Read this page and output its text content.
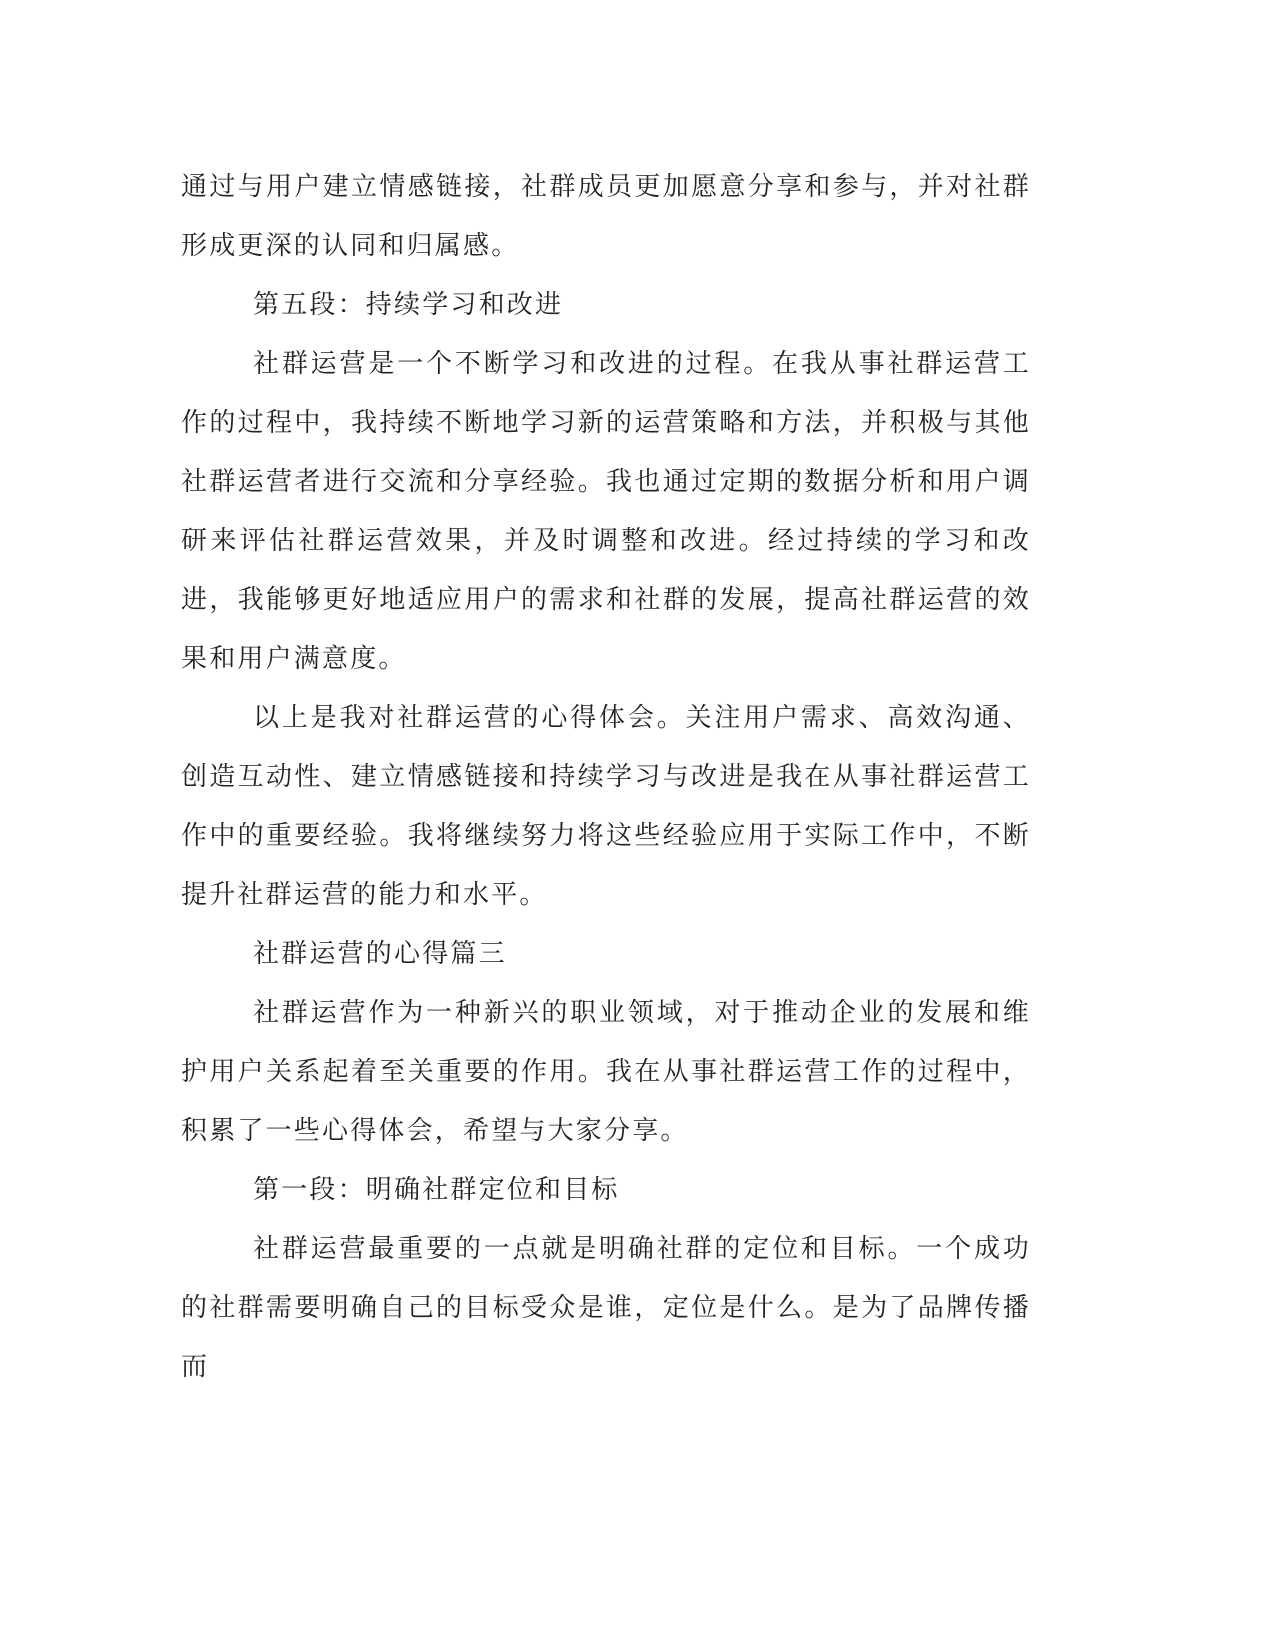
通过与用户建立情感链接，社群成员更加愿意分享和参与，并对社群形成更深的认同和归属感。

第五段：持续学习和改进

社群运营是一个不断学习和改进的过程。在我从事社群运营工作的过程中，我持续不断地学习新的运营策略和方法，并积极与其他社群运营者进行交流和分享经验。我也通过定期的数据分析和用户调研来评估社群运营效果，并及时调整和改进。经过持续的学习和改进，我能够更好地适应用户的需求和社群的发展，提高社群运营的效果和用户满意度。

以上是我对社群运营的心得体会。关注用户需求、高效沟通、创造互动性、建立情感链接和持续学习与改进是我在从事社群运营工作中的重要经验。我将继续努力将这些经验应用于实际工作中，不断提升社群运营的能力和水平。

社群运营的心得篇三

社群运营作为一种新兴的职业领域，对于推动企业的发展和维护用户关系起着至关重要的作用。我在从事社群运营工作的过程中，积累了一些心得体会，希望与大家分享。

第一段：明确社群定位和目标

社群运营最重要的一点就是明确社群的定位和目标。一个成功的社群需要明确自己的目标受众是谁，定位是什么。是为了品牌传播而
